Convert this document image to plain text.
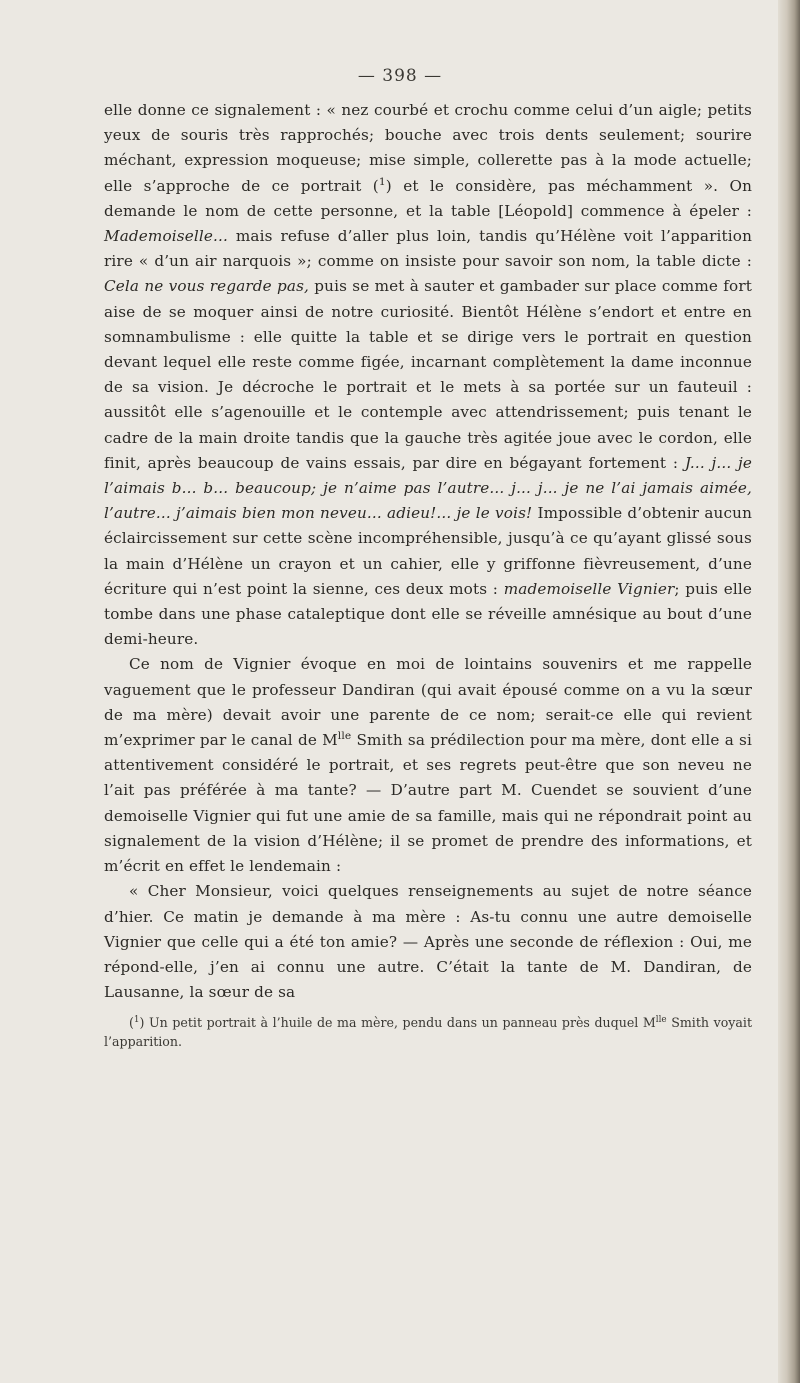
— 398 —

elle donne ce signalement : « nez courbé et crochu comme celui d’un aigle; petits yeux de souris très rapprochés; bouche avec trois dents seulement; sourire méchant, expression moqueuse; mise simple, collerette pas à la mode actuelle; elle s’approche de ce portrait ($^1$) et le considère, pas méchamment ». On demande le nom de cette personne, et la table [Léopold] commence à épeler : Mademoiselle... mais refuse d’aller plus loin, tandis qu’Hélène voit l’apparition rire « d’un air narquois »; comme on insiste pour savoir son nom, la table dicte : Cela ne vous regarde pas, puis se met à sauter et gambader sur place comme fort aise de se moquer ainsi de notre curiosité. Bientôt Hélène s’endort et entre en somnambulisme : elle quitte la table et se dirige vers le portrait en question devant lequel elle reste comme figée, incarnant complètement la dame inconnue de sa vision. Je décroche le portrait et le mets à sa portée sur un fauteuil : aussitôt elle s’agenouille et le contemple avec attendrissement; puis tenant le cadre de la main droite tandis que la gauche très agitée joue avec le cordon, elle finit, après beaucoup de vains essais, par dire en bégayant fortement : J... j... je l’aimais b... b... beaucoup; je n’aime pas l’autre... j... j... je ne l’ai jamais aimée, l’autre... j’aimais bien mon neveu... adieu!... je le vois! Impossible d’obtenir aucun éclaircissement sur cette scène incompréhensible, jusqu’à ce qu’ayant glissé sous la main d’Hélène un crayon et un cahier, elle y griffonne fièvreusement, d’une écriture qui n’est point la sienne, ces deux mots : mademoiselle Vignier; puis elle tombe dans une phase cataleptique dont elle se réveille amnésique au bout d’une demi-heure.

Ce nom de Vignier évoque en moi de lointains souvenirs et me rappelle vaguement que le professeur Dandiran (qui avait épousé comme on a vu la sœur de ma mère) devait avoir une parente de ce nom; serait-ce elle qui revient m’exprimer par le canal de $M^{lle}$ Smith sa prédilection pour ma mère, dont elle a si attentivement considéré le portrait, et ses regrets peut-être que son neveu ne l’ait pas préférée à ma tante? — D’autre part M. Cuendet se souvient d’une demoiselle Vignier qui fut une amie de sa famille, mais qui ne répondrait point au signalement de la vision d’Hélène; il se promet de prendre des informations, et m’écrit en effet le lendemain :

« Cher Monsieur, voici quelques renseignements au sujet de notre séance d’hier. Ce matin je demande à ma mère : As-tu connu une autre demoiselle Vignier que celle qui a été ton amie? — Après une seconde de réflexion : Oui, me répond-elle, j’en ai connu une autre. C’était la tante de M. Dandiran, de Lausanne, la sœur de sa

($^1$) Un petit portrait à l’huile de ma mère, pendu dans un panneau près duquel $M^{lle}$ Smith voyait l’apparition.
